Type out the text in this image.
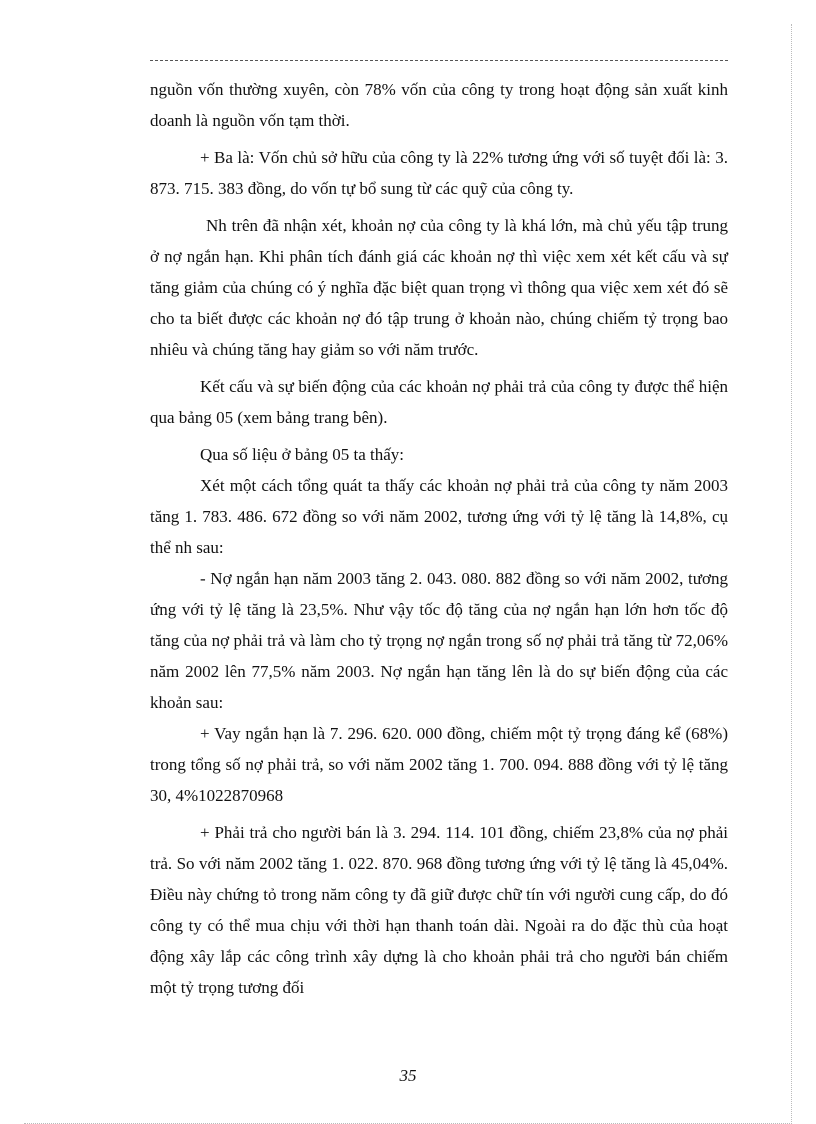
nguồn vốn thường xuyên, còn 78% vốn của công ty trong hoạt động sản xuất kinh doanh là nguồn vốn tạm thời.

+ Ba là: Vốn chủ sở hữu của công ty là 22% tương ứng với số tuyệt đối là: 3. 873. 715. 383 đồng, do vốn tự bổ sung từ các quỹ của công ty.

Nh trên đã nhận xét, khoản nợ của công ty là khá lớn, mà chủ yếu tập trung ở nợ ngắn hạn. Khi phân tích đánh giá các khoản nợ thì việc xem xét kết cấu và sự tăng giảm của chúng có ý nghĩa đặc biệt quan trọng vì thông qua việc xem xét đó sẽ cho ta biết được các khoản nợ đó tập trung ở khoản nào, chúng chiếm tỷ trọng bao nhiêu và chúng tăng hay giảm so với năm trước.

Kết cấu và sự biến động của các khoản nợ phải trả của công ty được thể hiện qua bảng 05 (xem bảng trang bên).

Qua số liệu ở bảng 05 ta thấy:

Xét một cách tổng quát ta thấy các khoản nợ phải trả của công ty năm 2003 tăng 1. 783. 486. 672 đồng so với năm 2002, tương ứng với tỷ lệ tăng là 14,8%, cụ thể nh sau:

- Nợ ngắn hạn năm 2003 tăng 2. 043. 080. 882 đồng so với năm 2002, tương ứng với tỷ lệ tăng là 23,5%. Như vậy tốc độ tăng của nợ ngắn hạn lớn hơn tốc độ tăng của nợ phải trả và làm cho tỷ trọng nợ ngắn trong số nợ phải trả tăng từ 72,06% năm 2002 lên 77,5% năm 2003. Nợ ngắn hạn tăng lên là do sự biến động của các khoản sau:

+ Vay ngắn hạn là 7. 296. 620. 000 đồng, chiếm một tỷ trọng đáng kể (68%) trong tổng số nợ phải trả, so với năm 2002 tăng 1. 700. 094. 888 đồng với tỷ lệ tăng 30, 4%1022870968

+ Phải trả cho người bán là 3. 294. 114. 101 đồng, chiếm 23,8% của nợ phải trả. So với năm 2002 tăng 1. 022. 870. 968 đồng tương ứng với tỷ lệ tăng là 45,04%. Điều này chứng tỏ trong năm công ty đã giữ được chữ tín với người cung cấp, do đó công ty có thể mua chịu với thời hạn thanh toán dài. Ngoài ra do đặc thù của hoạt động xây lắp các công trình xây dựng là cho khoản phải trả cho người bán chiếm một tỷ trọng tương đối

35
